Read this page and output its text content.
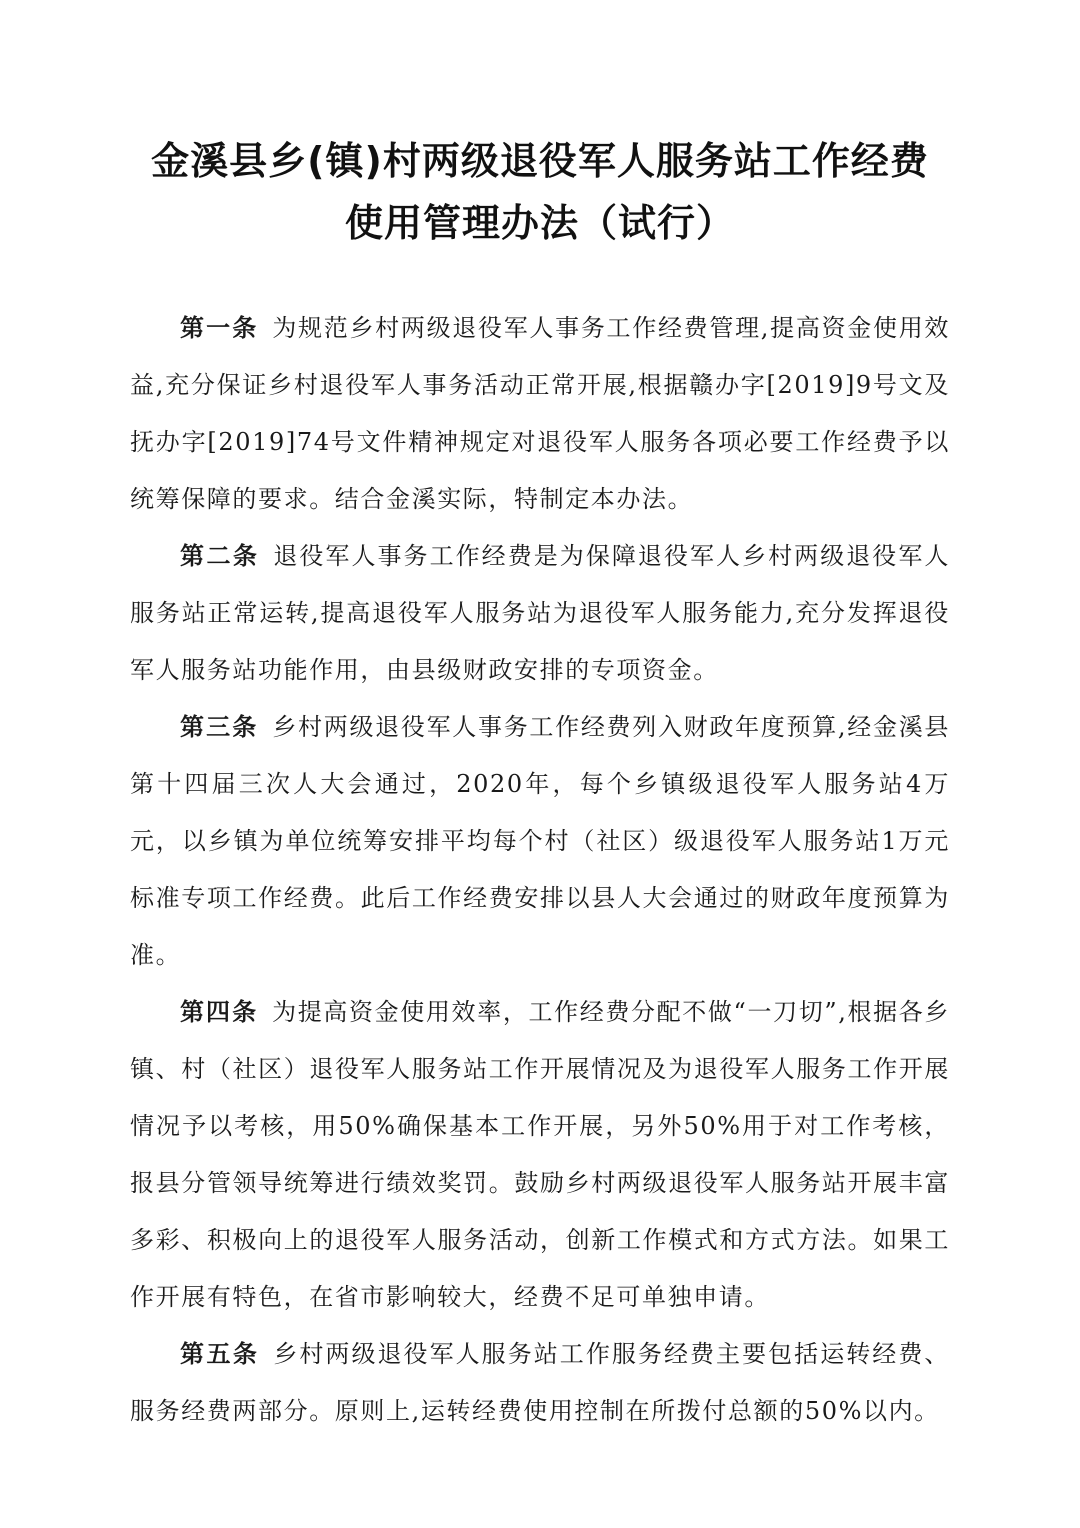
金溪县乡(镇)村两级退役军人服务站工作经费
使用管理办法（试行）

第一条 为规范乡村两级退役军人事务工作经费管理,提高资金使用效益,充分保证乡村退役军人事务活动正常开展,根据赣办字[2019]9号文及抚办字[2019]74号文件精神规定对退役军人服务各项必要工作经费予以统筹保障的要求。结合金溪实际，特制定本办法。

第二条 退役军人事务工作经费是为保障退役军人乡村两级退役军人服务站正常运转,提高退役军人服务站为退役军人服务能力,充分发挥退役军人服务站功能作用，由县级财政安排的专项资金。

第三条 乡村两级退役军人事务工作经费列入财政年度预算,经金溪县第十四届三次人大会通过，2020年，每个乡镇级退役军人服务站4万元，以乡镇为单位统筹安排平均每个村（社区）级退役军人服务站1万元标准专项工作经费。此后工作经费安排以县人大会通过的财政年度预算为准。

第四条 为提高资金使用效率，工作经费分配不做“一刀切”,根据各乡镇、村（社区）退役军人服务站工作开展情况及为退役军人服务工作开展情况予以考核，用50%确保基本工作开展，另外50%用于对工作考核，报县分管领导统筹进行绩效奖罚。鼓励乡村两级退役军人服务站开展丰富多彩、积极向上的退役军人服务活动，创新工作模式和方式方法。如果工作开展有特色，在省市影响较大，经费不足可单独申请。

第五条 乡村两级退役军人服务站工作服务经费主要包括运转经费、服务经费两部分。原则上,运转经费使用控制在所拨付总额的50%以内。
